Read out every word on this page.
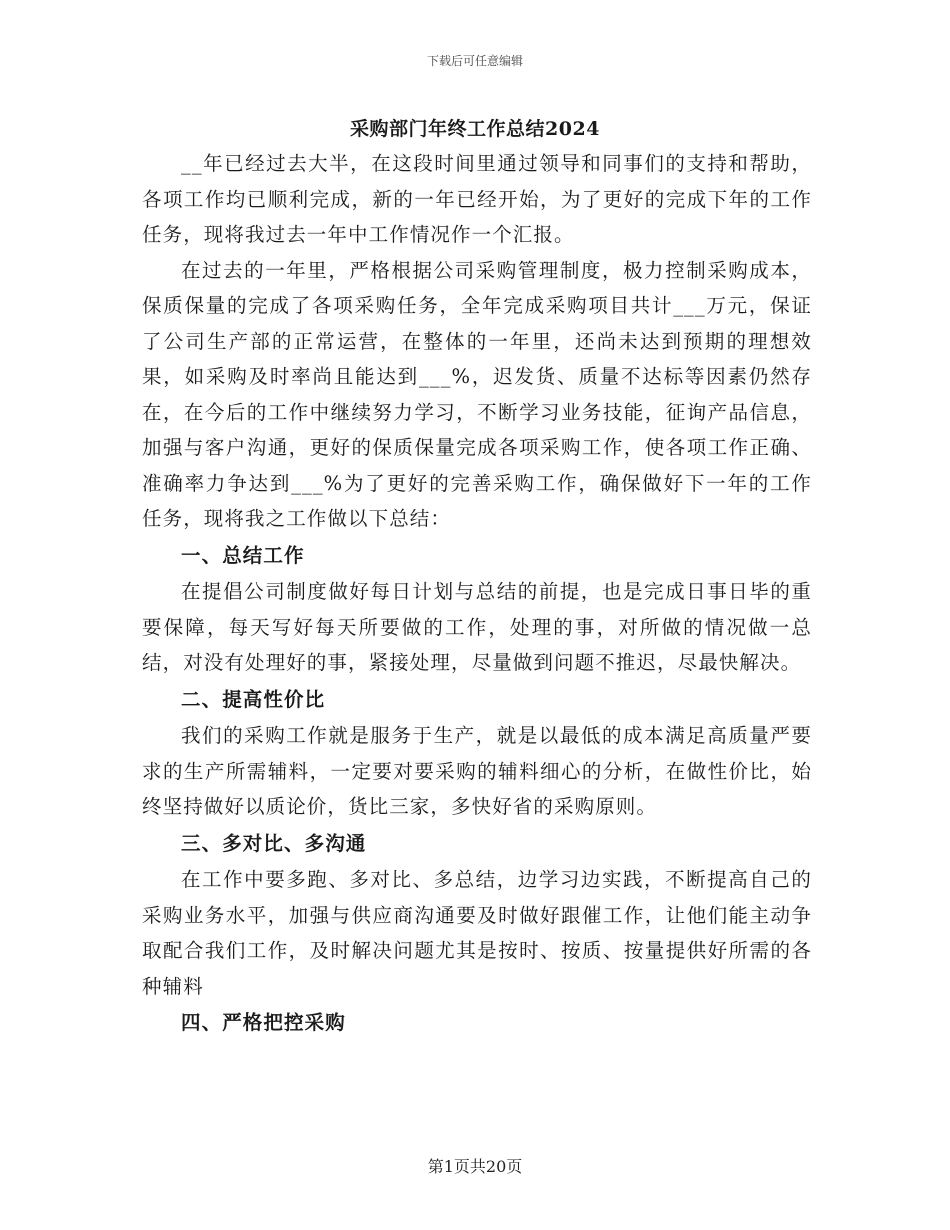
下载后可任意编辑
采购部门年终工作总结2024

__年已经过去大半，在这段时间里通过领导和同事们的支持和帮助，各项工作均已顺利完成，新的一年已经开始，为了更好的完成下年的工作任务，现将我过去一年中工作情况作一个汇报。

在过去的一年里，严格根据公司采购管理制度，极力控制采购成本，保质保量的完成了各项采购任务，全年完成采购项目共计___万元，保证了公司生产部的正常运营，在整体的一年里，还尚未达到预期的理想效果，如采购及时率尚且能达到___%，迟发货、质量不达标等因素仍然存在，在今后的工作中继续努力学习，不断学习业务技能，征询产品信息，加强与客户沟通，更好的保质保量完成各项采购工作，使各项工作正确、准确率力争达到___%为了更好的完善采购工作，确保做好下一年的工作任务，现将我之工作做以下总结：

一、总结工作

在提倡公司制度做好每日计划与总结的前提，也是完成日事日毕的重要保障，每天写好每天所要做的工作，处理的事，对所做的情况做一总结，对没有处理好的事，紧接处理，尽量做到问题不推迟，尽最快解决。

二、提高性价比

我们的采购工作就是服务于生产，就是以最低的成本满足高质量严要求的生产所需辅料，一定要对要采购的辅料细心的分析，在做性价比，始终坚持做好以质论价，货比三家，多快好省的采购原则。

三、多对比、多沟通

在工作中要多跑、多对比、多总结，边学习边实践，不断提高自己的采购业务水平，加强与供应商沟通要及时做好跟催工作，让他们能主动争取配合我们工作，及时解决问题尤其是按时、按质、按量提供好所需的各种辅料

四、严格把控采购

第1页共20页
